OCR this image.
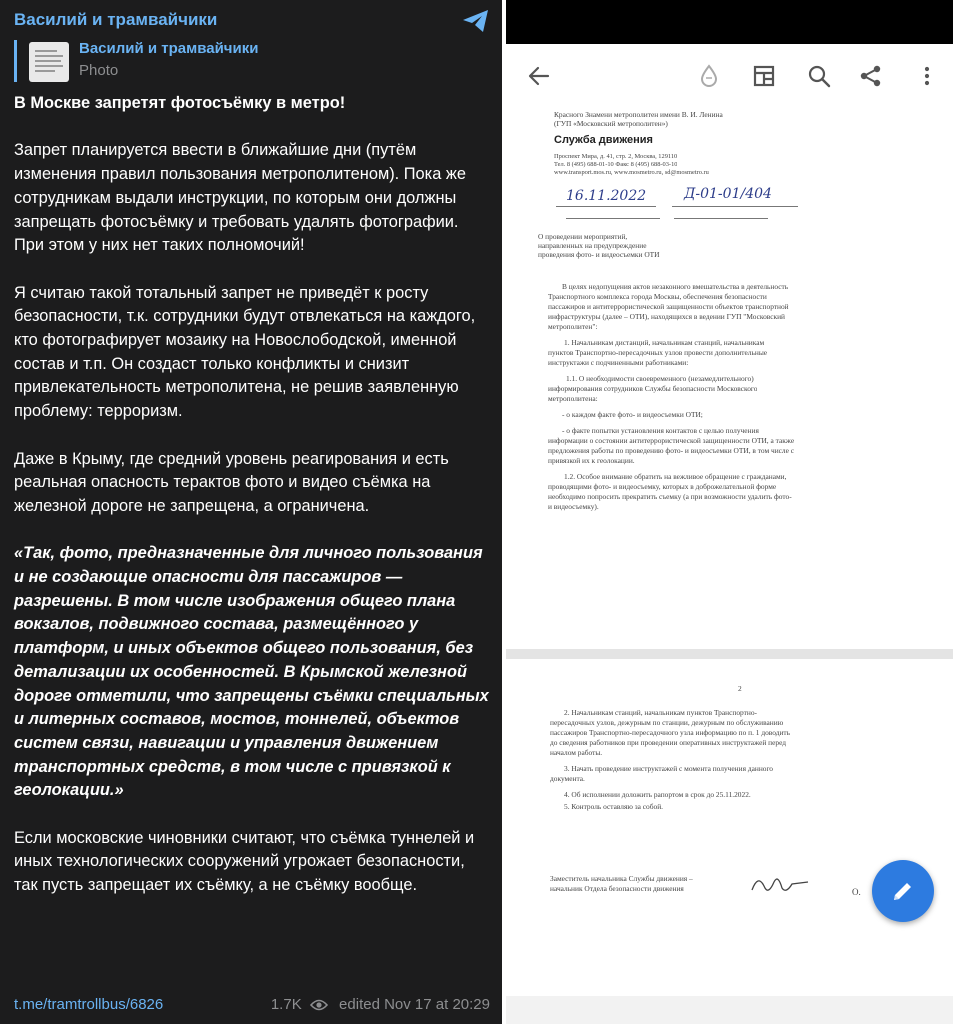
Василий и трамвайчики
Василий и трамвайчики
Photo

В Москве запретят фотосъёмку в метро!

Запрет планируется ввести в ближайшие дни (путём изменения правил пользования метрополитеном). Пока же сотрудникам выдали инструкции, по которым они должны запрещать фотосъёмку и требовать удалять фотографии. При этом у них нет таких полномочий!

Я считаю такой тотальный запрет не приведёт к росту безопасности, т.к. сотрудники будут отвлекаться на каждого, кто фотографирует мозаику на Новослободской, именной состав и т.п. Он создаст только конфликты и снизит привлекательность метрополитена, не решив заявленную проблему: терроризм.

Даже в Крыму, где средний уровень реагирования и есть реальная опасность терактов фото и видео съёмка на железной дороге не запрещена, а ограничена.

«Так, фото, предназначенные для личного пользования и не создающие опасности для пассажиров — разрешены. В том числе изображения общего плана вокзалов, подвижного состава, размещённого у платформ, и иных объектов общего пользования, без детализации их особенностей. В Крымской железной дороге отметили, что запрещены съёмки специальных и литерных составов, мостов, тоннелей, объектов систем связи, навигации и управления движением транспортных средств, в том числе с привязкой к геолокации.»

Если московские чиновники считают, что съёмка туннелей и иных технологических сооружений угрожает безопасности, так пусть запрещает их съёмку, а не съёмку вообще.

t.me/tramtrollbus/6826	1.7K edited Nov 17 at 20:29
Красного Знамени метрополитен имени В. И. Ленина
(ГУП «Московский метрополитен»)
Служба движения
Проспект Мира, д. 41, стр. 2, Москва, 129110
Тел. 8 (495) 688-01-10 Факс 8 (495) 688-03-10
www.transport.mos.ru, www.mosmetro.ru, sd@mosmetro.ru
16.11.2022	Д-01-01/404
О проведении мероприятий,
направленных на предупреждение
проведения фото- и видеосъемки ОТИ
В целях недопущения актов незаконного вмешательства в деятельность
Транспортного комплекса города Москвы, обеспечения безопасности
пассажиров и антитеррористической защищенности объектов транспортной
инфраструктуры (далее – ОТИ), находящихся в ведении ГУП "Московский
метрополитен":
1. Начальникам дистанций, начальникам станций, начальникам
пунктов Транспортно-пересадочных узлов провести дополнительные
инструктажи с подчиненными работниками:
1.1. О необходимости своевременного (незамедлительного)
информирования сотрудников Службы безопасности Московского
метрополитена:
- о каждом факте фото- и видеосъемки ОТИ;
- о факте попытки установления контактов с целью получения
информации о состоянии антитеррористической защищенности ОТИ, а также
предложения работы по проведению фото- и видеосъемки ОТИ, в том числе с
привязкой их к геолокации.
1.2. Особое внимание обратить на вежливое обращение с гражданами,
проводящими фото- и видеосъемку, которых в доброжелательной форме
необходимо попросить прекратить съемку (а при возможности удалить фото-
и видеосъемку).
2
2. Начальникам станций, начальникам пунктов Транспортно-
пересадочных узлов, дежурным по станции, дежурным по обслуживанию
пассажиров Транспортно-пересадочного узла информацию по п. 1 доводить
до сведения работников при проведении оперативных инструктажей перед
началом работы.
3. Начать проведение инструктажей с момента получения данного
документа.
4. Об исполнении доложить рапортом в срок до 25.11.2022.
5. Контроль оставляю за собой.
Заместитель начальника Службы движения –
начальник Отдела безопасности движения	О.
